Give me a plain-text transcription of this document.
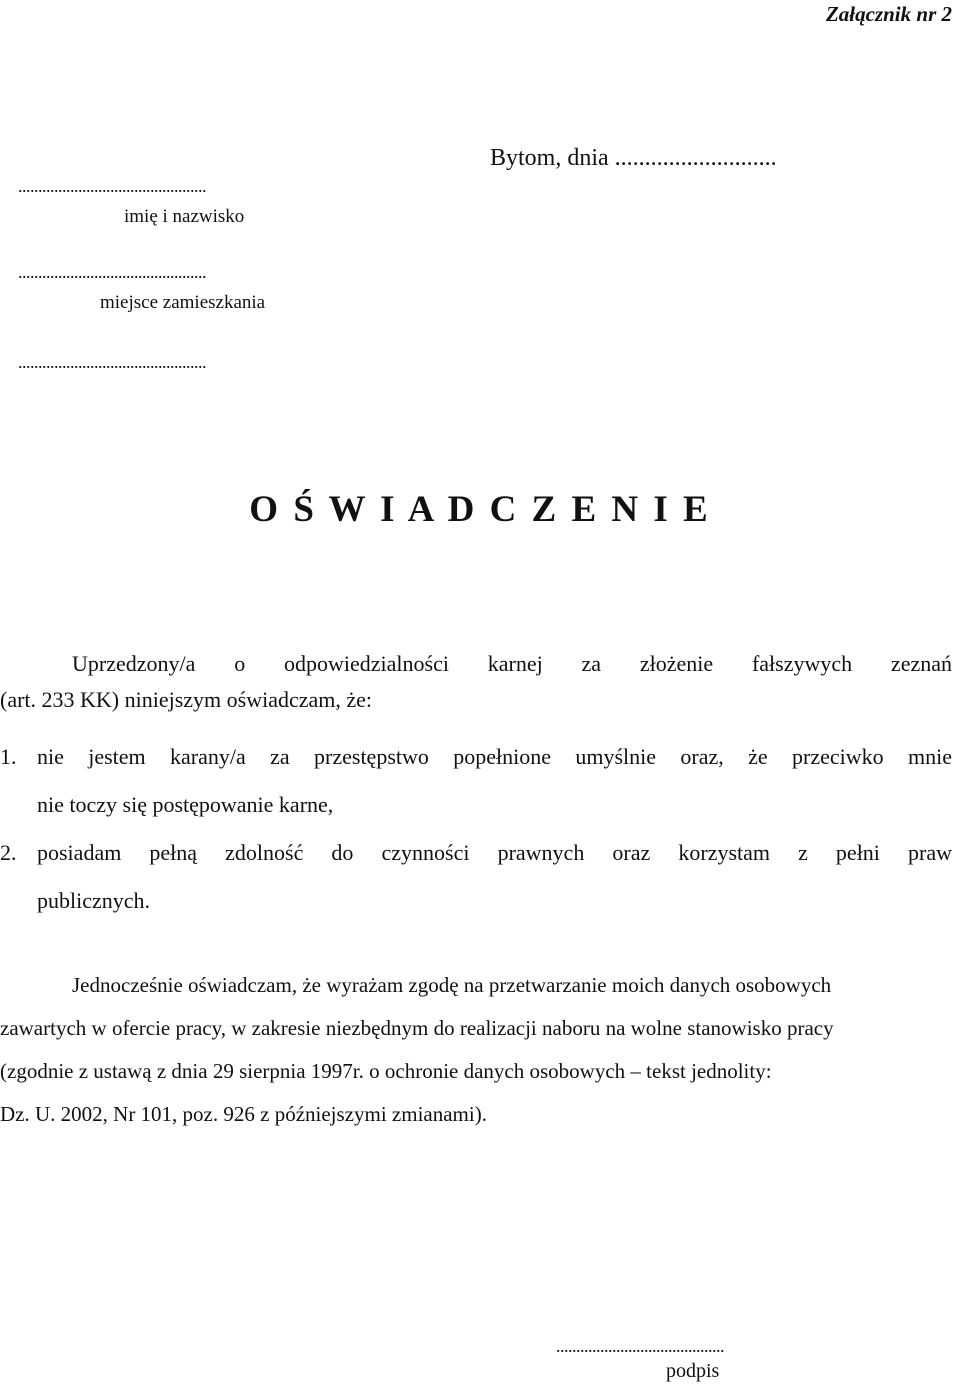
Załącznik nr 2
Bytom, dnia ...........................
...............................................
imię i nazwisko
...............................................
miejsce zamieszkania
...............................................
O Ś W I A D C Z E N I E
Uprzedzony/a o odpowiedzialności karnej za złożenie fałszywych zeznań
(art. 233 KK) niniejszym oświadczam, że:
1. nie jestem karany/a za przestępstwo popełnione umyślnie oraz, że przeciwko mnie
nie toczy się postępowanie karne,
2. posiadam pełną zdolność do czynności prawnych oraz korzystam z pełni praw
publicznych.
Jednocześnie oświadczam, że wyrażam zgodę na przetwarzanie moich danych osobowych
zawartych w ofercie pracy, w zakresie niezbędnym do realizacji naboru na wolne stanowisko pracy
(zgodnie z ustawą z dnia 29 sierpnia 1997r. o ochronie danych osobowych – tekst jednolity:
Dz. U. 2002, Nr 101, poz. 926 z późniejszymi zmianami).
..........................................
podpis
